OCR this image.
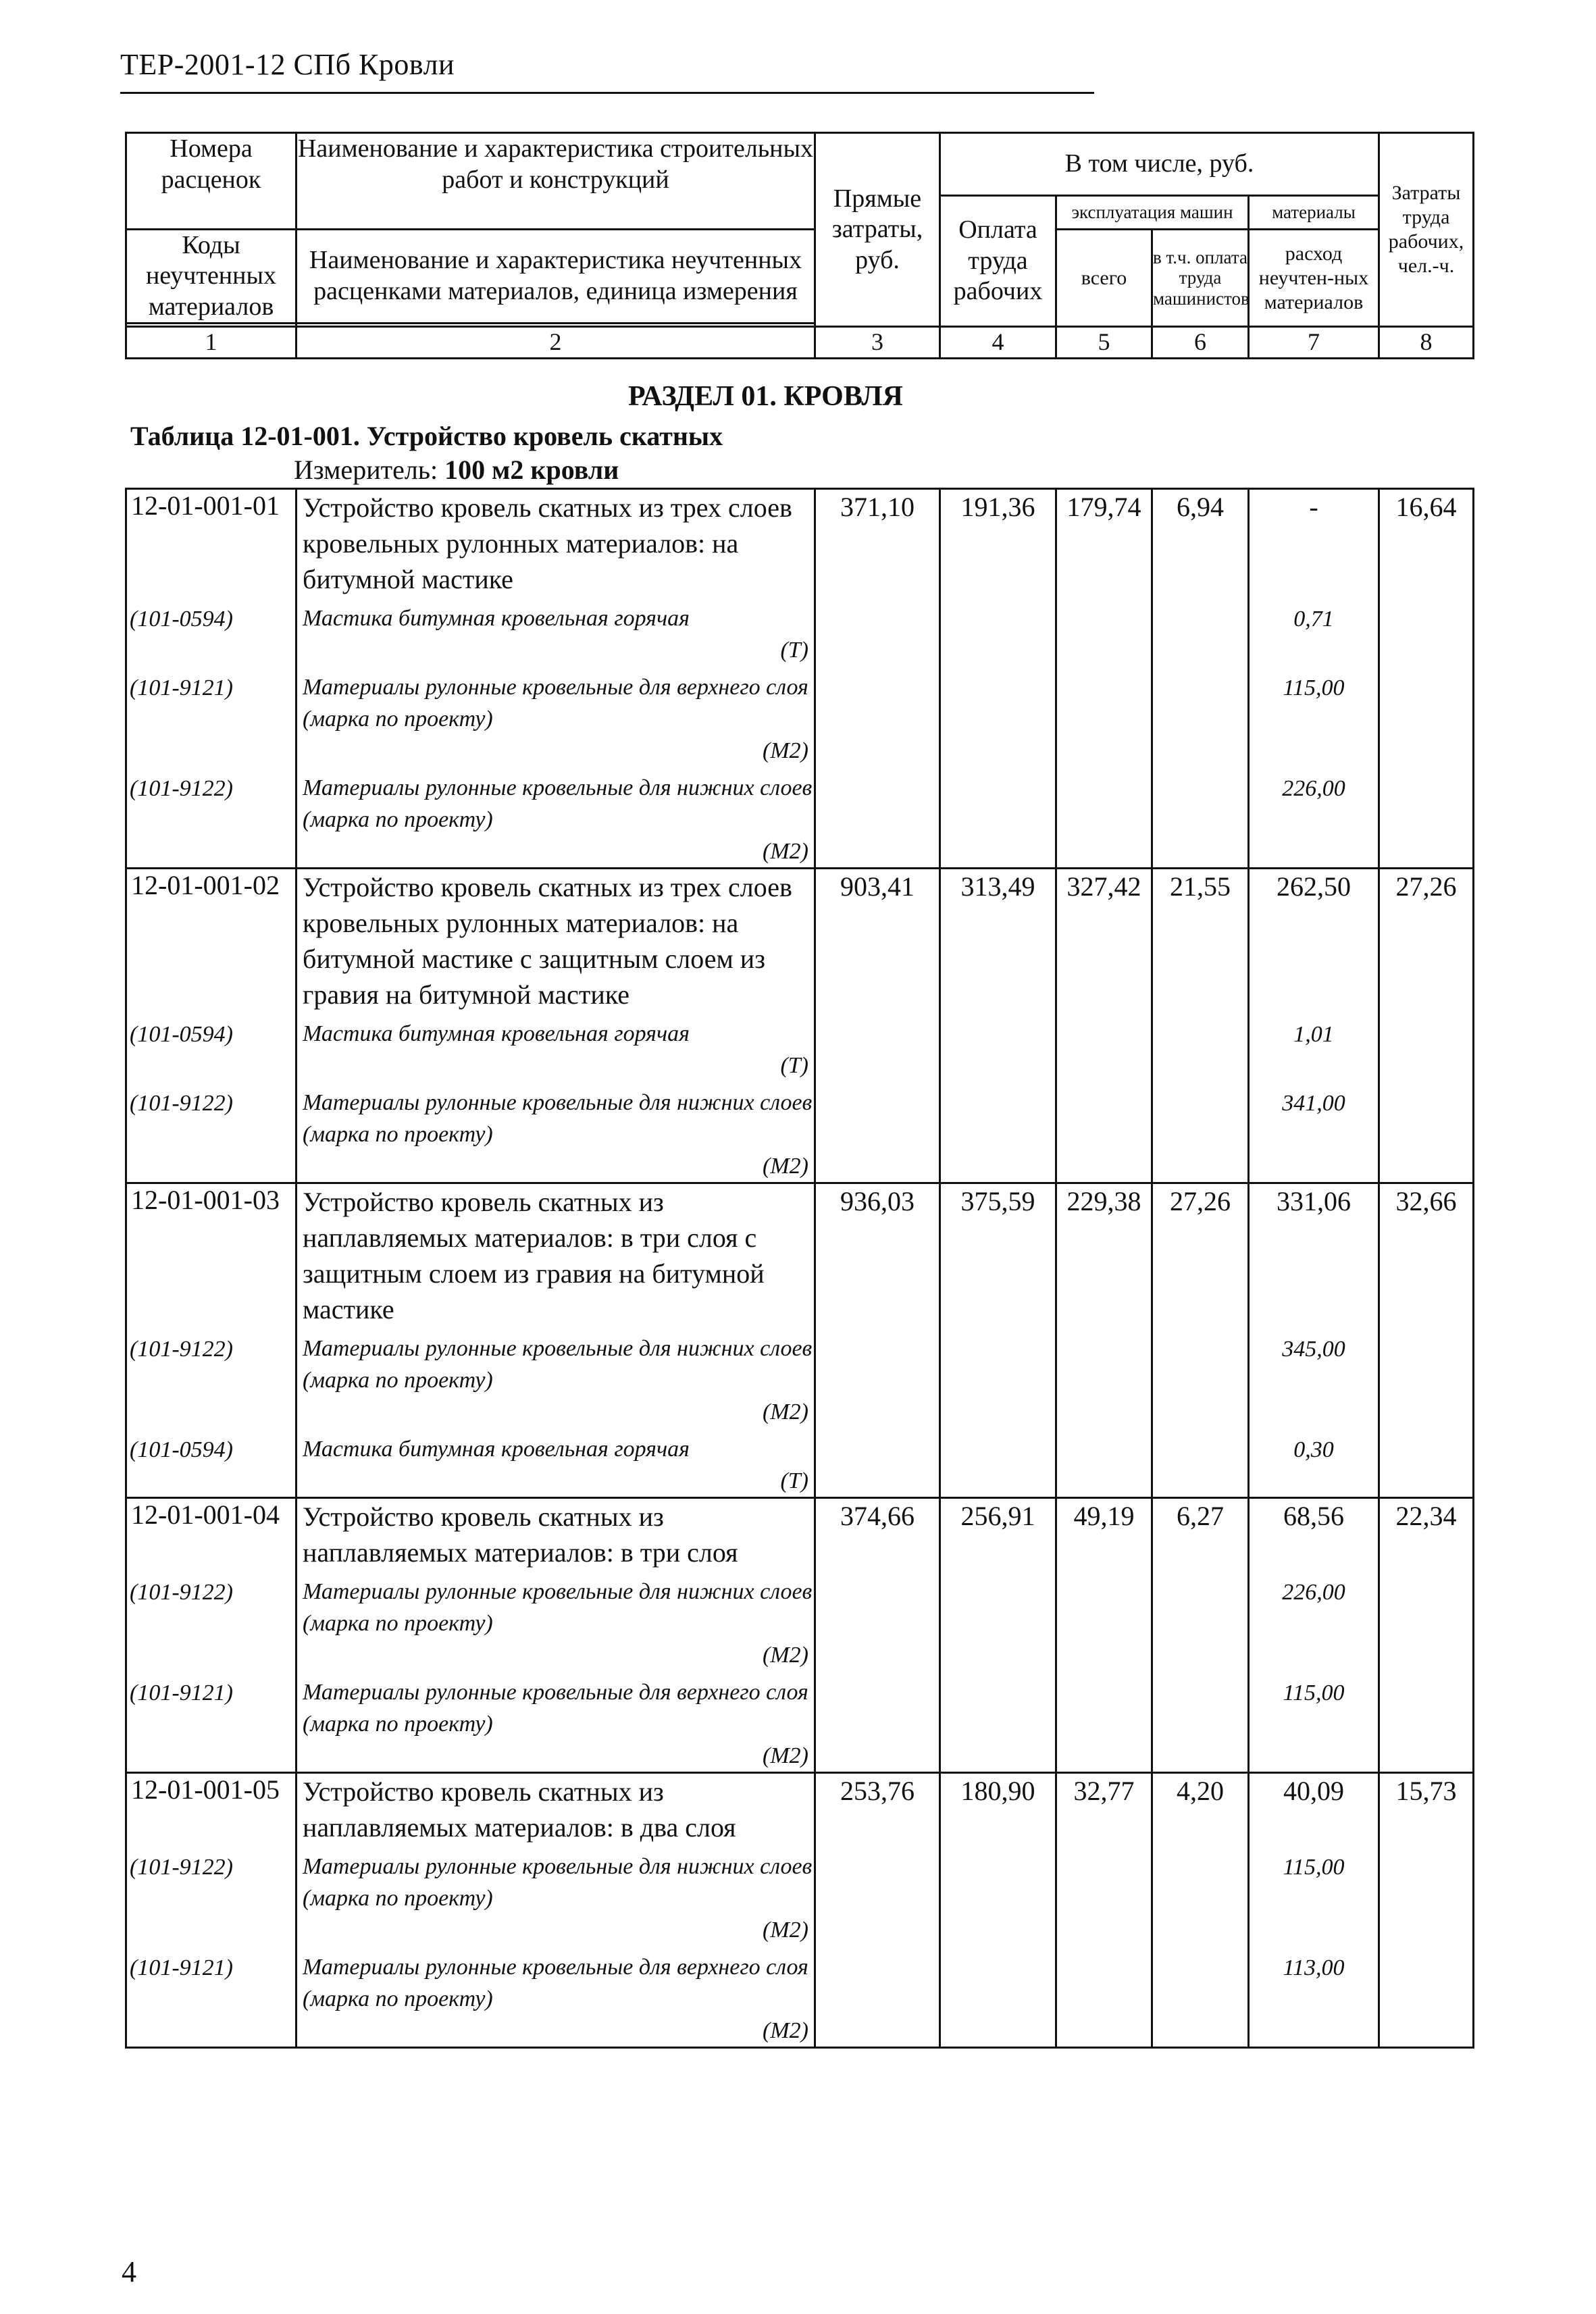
ТЕР-2001-12 СПб Кровли
Номера расценок	Наименование и характеристика строительных работ и конструкций	Прямые затраты, руб.	В том числе, руб.				Затраты труда рабочих, чел.-ч.
			Оплата труда рабочих	эксплуатация машин		материалы	
Коды неучтенных материалов	Наименование и характеристика неучтенных расценками материалов, единица измерения			всего	в т.ч. оплата труда машинистов	расход неучтен-ных материалов	

1	2	3	4	5	6	7	8
РАЗДЕЛ 01. КРОВЛЯ
Таблица 12-01-001. Устройство кровель скатных
Измеритель: 100 м2 кровли
12-01-001-01	Устройство кровель скатных из трех слоев кровельных рулонных материалов: на битумной мастике	371,10	191,36	179,74	6,94	-	16,64
(101-0594)	Мастика битумная кровельная горячая
(Т)					0,71	
(101-9121)	Материалы рулонные кровельные для верхнего слоя (марка по проекту)
(М2)					115,00	
(101-9122)	Материалы рулонные кровельные для нижних слоев (марка по проекту)
(М2)					226,00	
12-01-001-02	Устройство кровель скатных из трех слоев кровельных рулонных материалов: на битумной мастике с защитным слоем из гравия на битумной мастике	903,41	313,49	327,42	21,55	262,50	27,26
(101-0594)	Мастика битумная кровельная горячая
(Т)					1,01	
(101-9122)	Материалы рулонные кровельные для нижних слоев (марка по проекту)
(М2)					341,00	
12-01-001-03	Устройство кровель скатных из наплавляемых материалов: в три слоя с защитным слоем из гравия на битумной мастике	936,03	375,59	229,38	27,26	331,06	32,66
(101-9122)	Материалы рулонные кровельные для нижних слоев (марка по проекту)
(М2)					345,00	
(101-0594)	Мастика битумная кровельная горячая
(Т)					0,30	
12-01-001-04	Устройство кровель скатных из наплавляемых материалов: в три слоя	374,66	256,91	49,19	6,27	68,56	22,34
(101-9122)	Материалы рулонные кровельные для нижних слоев (марка по проекту)
(М2)					226,00	
(101-9121)	Материалы рулонные кровельные для верхнего слоя (марка по проекту)
(М2)					115,00	
12-01-001-05	Устройство кровель скатных из наплавляемых материалов: в два слоя	253,76	180,90	32,77	4,20	40,09	15,73
(101-9122)	Материалы рулонные кровельные для нижних слоев (марка по проекту)
(М2)					115,00	
(101-9121)	Материалы рулонные кровельные для верхнего слоя (марка по проекту)
(М2)					113,00	
4
